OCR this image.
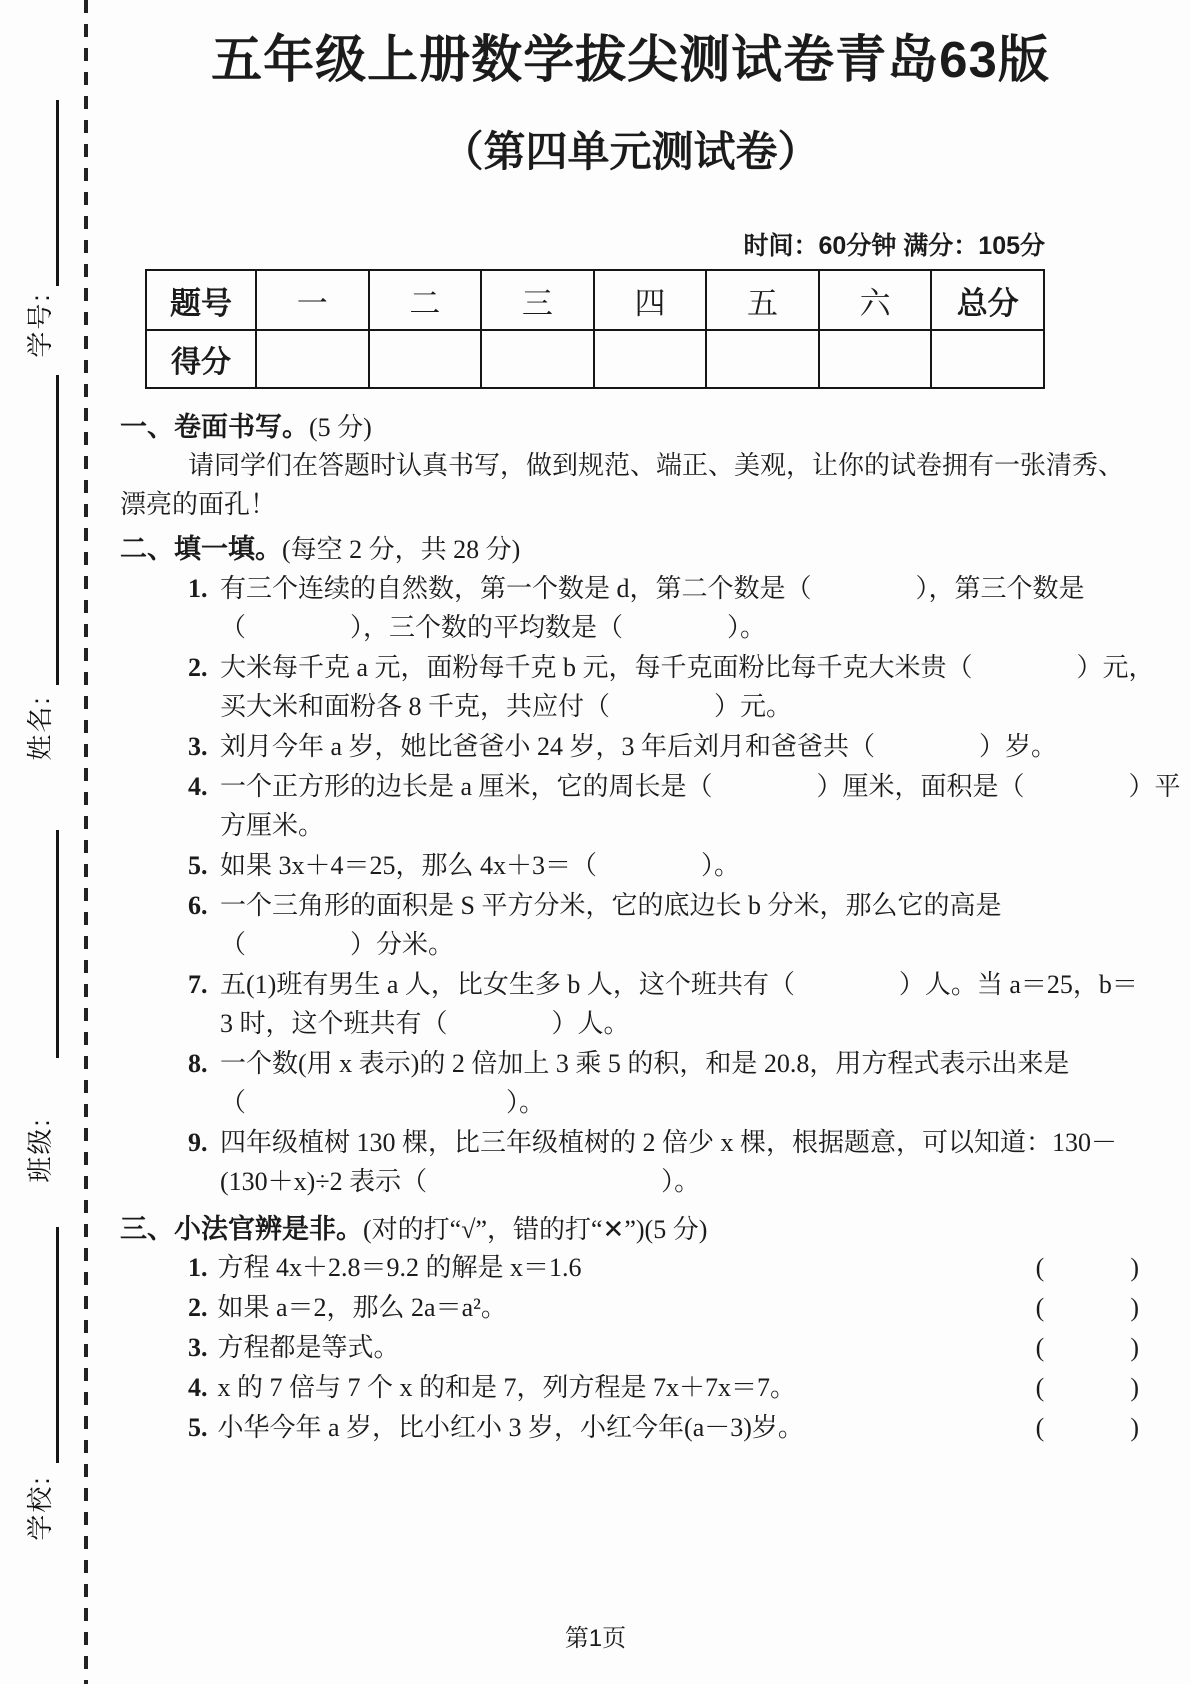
学号:
姓名:
班级:
学校:
五年级上册数学拔尖测试卷青岛63版
（第四单元测试卷）
时间：60分钟 满分：105分
题号	一	二	三	四	五	六	总分
得分							
一、卷面书写。(5 分)
请同学们在答题时认真书写，做到规范、端正、美观，让你的试卷拥有一张清秀、
漂亮的面孔！
二、填一填。(每空 2 分，共 28 分)
1. 有三个连续的自然数，第一个数是 d，第二个数是（　　　　），第三个数是
（　　　　），三个数的平均数是（　　　　）。
2. 大米每千克 a 元，面粉每千克 b 元，每千克面粉比每千克大米贵（　　　　）元，
买大米和面粉各 8 千克，共应付（　　　　）元。
3. 刘月今年 a 岁，她比爸爸小 24 岁，3 年后刘月和爸爸共（　　　　）岁。
4. 一个正方形的边长是 a 厘米，它的周长是（　　　　）厘米，面积是（　　　　）平
方厘米。
5. 如果 3x＋4＝25，那么 4x＋3＝（　　　　）。
6. 一个三角形的面积是 S 平方分米，它的底边长 b 分米，那么它的高是
（　　　　）分米。
7. 五(1)班有男生 a 人，比女生多 b 人，这个班共有（　　　　）人。当 a＝25，b＝
3 时，这个班共有（　　　　）人。
8. 一个数(用 x 表示)的 2 倍加上 3 乘 5 的积，和是 20.8，用方程式表示出来是
（　　　　　　　　　　）。
9. 四年级植树 130 棵，比三年级植树的 2 倍少 x 棵，根据题意，可以知道：130－
(130＋x)÷2 表示（　　　　　　　　　）。
三、小法官辨是非。(对的打“√”，错的打“✕”)(5 分)
1. 方程 4x＋2.8＝9.2 的解是 x＝1.6	(　　　)
2. 如果 a＝2，那么 2a＝a²。	(　　　)
3. 方程都是等式。	(　　　)
4. x 的 7 倍与 7 个 x 的和是 7，列方程是 7x＋7x＝7。	(　　　)
5. 小华今年 a 岁，比小红小 3 岁，小红今年(a－3)岁。	(　　　)
第1页
